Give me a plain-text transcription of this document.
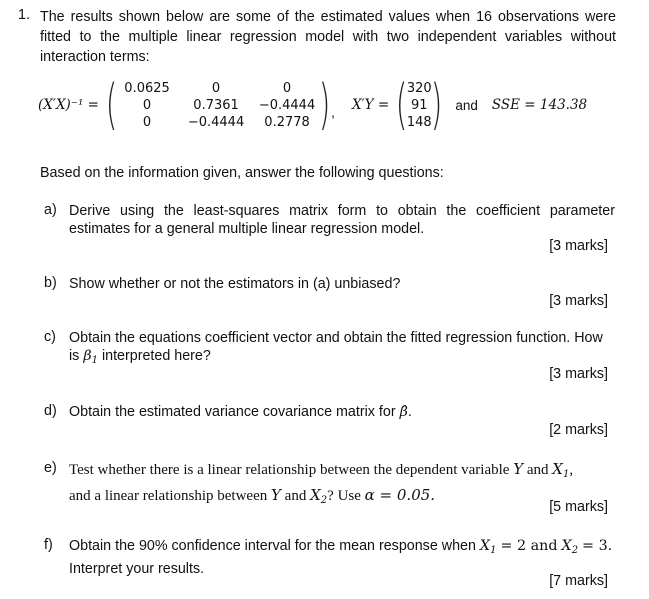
1. The results shown below are some of the estimated values when 16 observations were
fitted to the multiple linear regression model with two independent variables without
interaction terms:
(X′X)⁻¹ = ( 0.0625	0	0
0	0.7361	−0.4444
0	−0.4444	0.2778 ) , X′Y = ( 320
91
148 ) and SSE = 143.38
Based on the information given, answer the following questions:
a) Derive using the least-squares matrix form to obtain the coefficient parameter
estimates for a general multiple linear regression model.
[3 marks]
b) Show whether or not the estimators in (a) unbiased?
[3 marks]
c) Obtain the equations coefficient vector and obtain the fitted regression function. How
is $\beta_1$ interpreted here?
[3 marks]
d) Obtain the estimated variance covariance matrix for β̂.
[2 marks]
e) Test whether there is a linear relationship between the dependent variable Y and $X_1$,
and a linear relationship between Y and $X_2$? Use α = 0.05.
[5 marks]
f) Obtain the 90% confidence interval for the mean response when $X_1 = 2$ and $X_2 = 3$.
Interpret your results.
[7 marks]
